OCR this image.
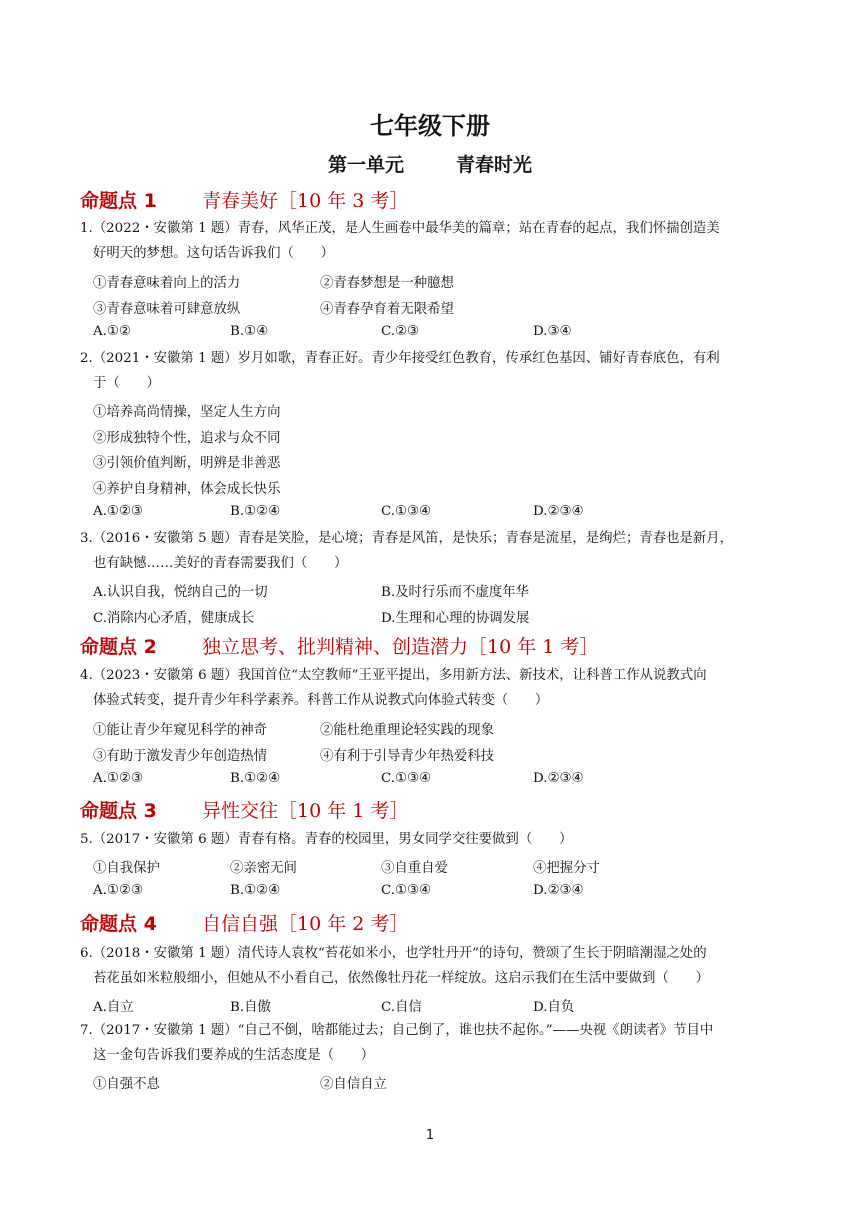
七年级下册
第一单元	青春时光
命题点 1 青春美好［10 年 3 考］
1.（2022・安徽第 1 题）青春，风华正茂，是人生画卷中最华美的篇章；站在青春的起点，我们怀揣创造美
好明天的梦想。这句话告诉我们（　　）
①青春意味着向上的活力	②青春梦想是一种臆想
③青春意味着可肆意放纵	④青春孕育着无限希望
A.①②	B.①④	C.②③	D.③④
2.（2021・安徽第 1 题）岁月如歌，青春正好。青少年接受红色教育，传承红色基因、铺好青春底色，有利
于（　　）
①培养高尚情操，坚定人生方向
②形成独特个性，追求与众不同
③引领价值判断，明辨是非善恶
④养护自身精神，体会成长快乐
A.①②③	B.①②④	C.①③④	D.②③④
3.（2016・安徽第 5 题）青春是笑脸，是心境；青春是风笛，是快乐；青春是流星，是绚烂；青春也是新月，
也有缺憾……美好的青春需要我们（　　）
A.认识自我，悦纳自己的一切	B.及时行乐而不虚度年华
C.消除内心矛盾，健康成长	D.生理和心理的协调发展
命题点 2 独立思考、批判精神、创造潜力［10 年 1 考］
4.（2023・安徽第 6 题）我国首位“太空教师”王亚平提出，多用新方法、新技术，让科普工作从说教式向
体验式转变，提升青少年科学素养。科普工作从说教式向体验式转变（　　）
①能让青少年窥见科学的神奇	②能杜绝重理论轻实践的现象
③有助于激发青少年创造热情	④有利于引导青少年热爱科技
A.①②③	B.①②④	C.①③④	D.②③④
命题点 3 异性交往［10 年 1 考］
5.（2017・安徽第 6 题）青春有格。青春的校园里，男女同学交往要做到（　　）
①自我保护	②亲密无间	③自重自爱	④把握分寸
A.①②③	B.①②④	C.①③④	D.②③④
命题点 4 自信自强［10 年 2 考］
6.（2018・安徽第 1 题）清代诗人袁枚“苔花如米小，也学牡丹开”的诗句，赞颂了生长于阴暗潮湿之处的
苔花虽如米粒般细小，但她从不小看自己，依然像牡丹花一样绽放。这启示我们在生活中要做到（　　）
A.自立	B.自傲	C.自信	D.自负
7.（2017・安徽第 1 题）“自己不倒，啥都能过去；自己倒了，谁也扶不起你。”——央视《朗读者》节目中
这一金句告诉我们要养成的生活态度是（　　）
①自强不息	②自信自立
1
